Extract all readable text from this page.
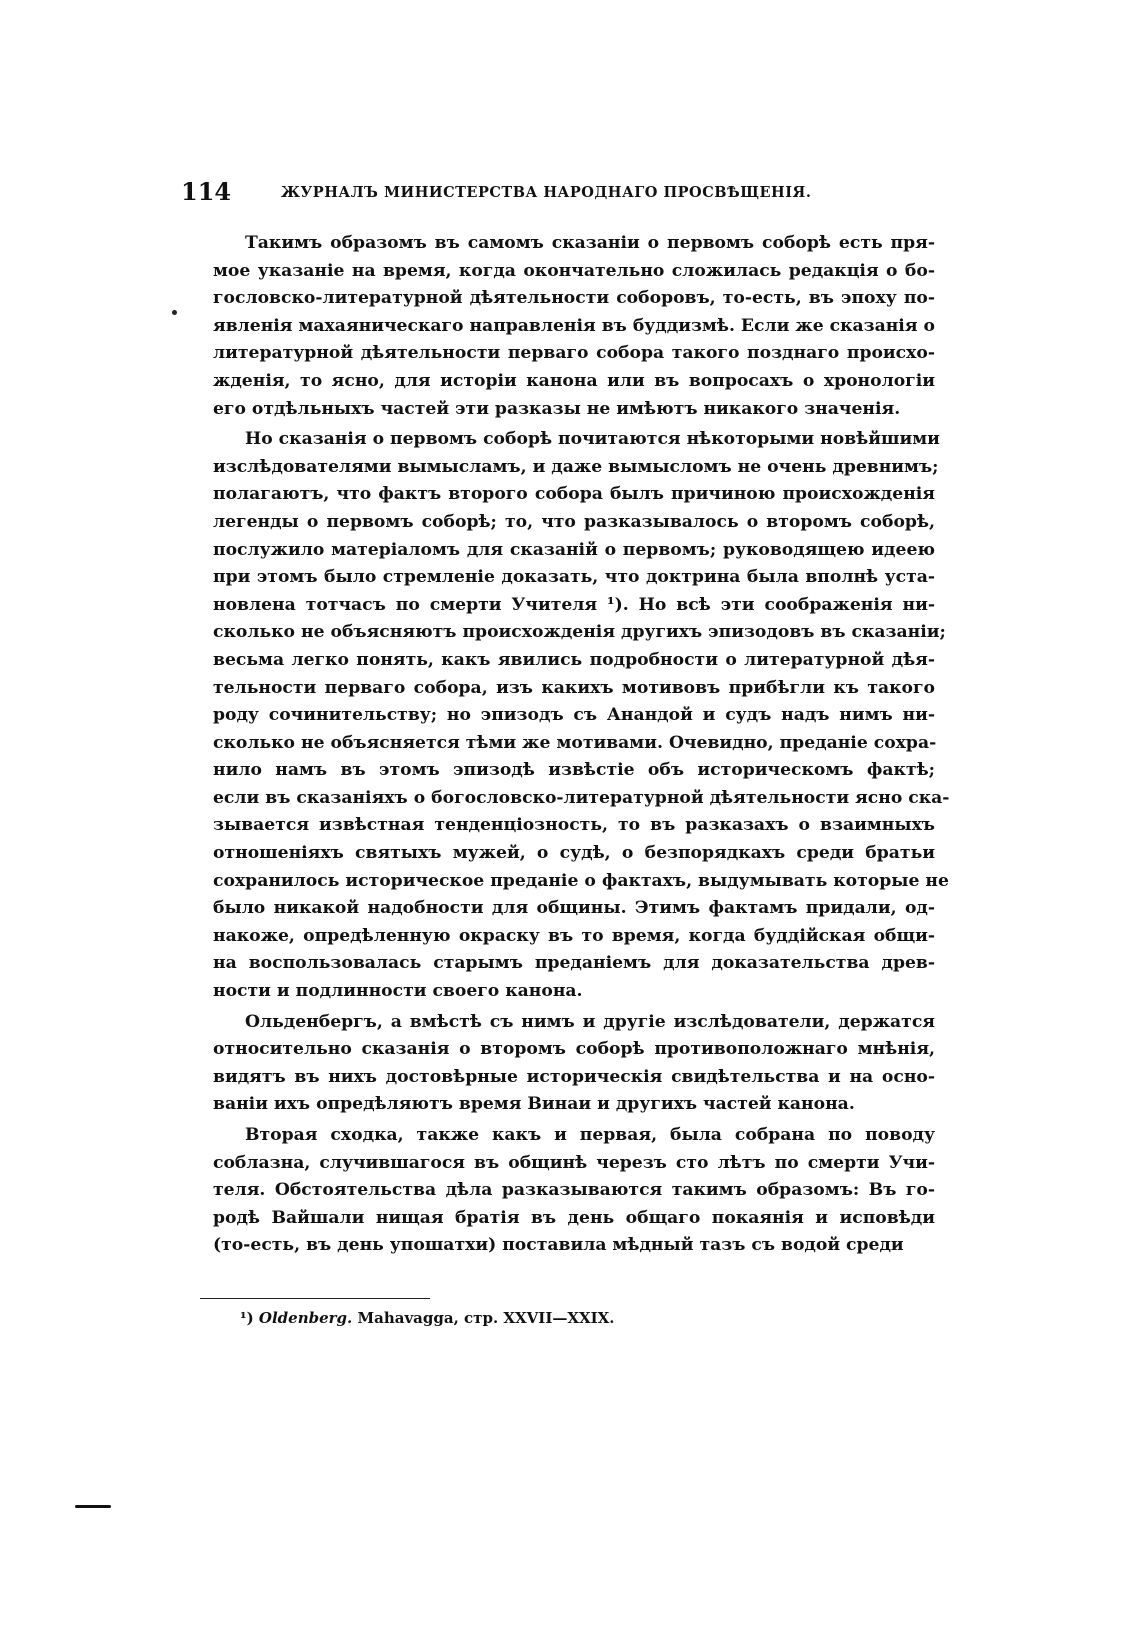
114	ЖУРНАЛЪ МИНИСТЕРСТВА НАРОДНАГО ПРОСВѢЩЕНІЯ.
Такимъ образомъ въ самомъ сказаніи о первомъ соборѣ есть пря-
мое указаніе на время, когда окончательно сложилась редакція о бо-
гословско-литературной дѣятельности соборовъ, то-есть, въ эпоху по-
явленія махаяническаго направленія въ буддизмѣ. Если же сказанія о
литературной дѣятельности перваго собора такого позднаго происхо-
жденія, то ясно, для исторіи канона или въ вопросахъ о хронологіи
его отдѣльныхъ частей эти разказы не имѣютъ никакого значенія.
Но сказанія о первомъ соборѣ почитаются нѣкоторыми новѣйшими
изслѣдователями вымысламъ, и даже вымысломъ не очень древнимъ;
полагаютъ, что фактъ второго собора былъ причиною происхожденія
легенды о первомъ соборѣ; то, что разказывалось о второмъ соборѣ,
послужило матеріаломъ для сказаній о первомъ; руководящею идеею
при этомъ было стремленіе доказать, что доктрина была вполнѣ уста-
новлена тотчасъ по смерти Учителя ¹). Но всѣ эти соображенія ни-
сколько не объясняютъ происхожденія другихъ эпизодовъ въ сказаніи;
весьма легко понять, какъ явились подробности о литературной дѣя-
тельности перваго собора, изъ какихъ мотивовъ прибѣгли къ такого
роду сочинительству; но эпизодъ съ Анандой и судъ надъ нимъ ни-
сколько не объясняется тѣми же мотивами. Очевидно, преданіе сохра-
нило намъ въ этомъ эпизодѣ извѣстіе объ историческомъ фактѣ;
если въ сказаніяхъ о богословско-литературной дѣятельности ясно ска-
зывается извѣстная тенденціозность, то въ разказахъ о взаимныхъ
отношеніяхъ святыхъ мужей, о судѣ, о безпорядкахъ среди братьи
сохранилось историческое преданіе о фактахъ, выдумывать которые не
было никакой надобности для общины. Этимъ фактамъ придали, од-
накоже, опредѣленную окраску въ то время, когда буддійская общи-
на воспользовалась старымъ преданіемъ для доказательства древ-
ности и подлинности своего канона.
Ольденбергъ, а вмѣстѣ съ нимъ и другіе изслѣдователи, держатся
относительно сказанія о второмъ соборѣ противоположнаго мнѣнія,
видятъ въ нихъ достовѣрные историческія свидѣтельства и на осно-
ваніи ихъ опредѣляютъ время Винаи и другихъ частей канона.
Вторая сходка, также какъ и первая, была собрана по поводу
соблазна, случившагося въ общинѣ черезъ сто лѣтъ по смерти Учи-
теля. Обстоятельства дѣла разказываются такимъ образомъ: Въ го-
родѣ Вайшали нищая братія въ день общаго покаянія и исповѣди
(то-есть, въ день упошатхи) поставила мѣдный тазъ съ водой среди
¹) Oldenberg. Mahavagga, стр. XXVII—XXIX.
